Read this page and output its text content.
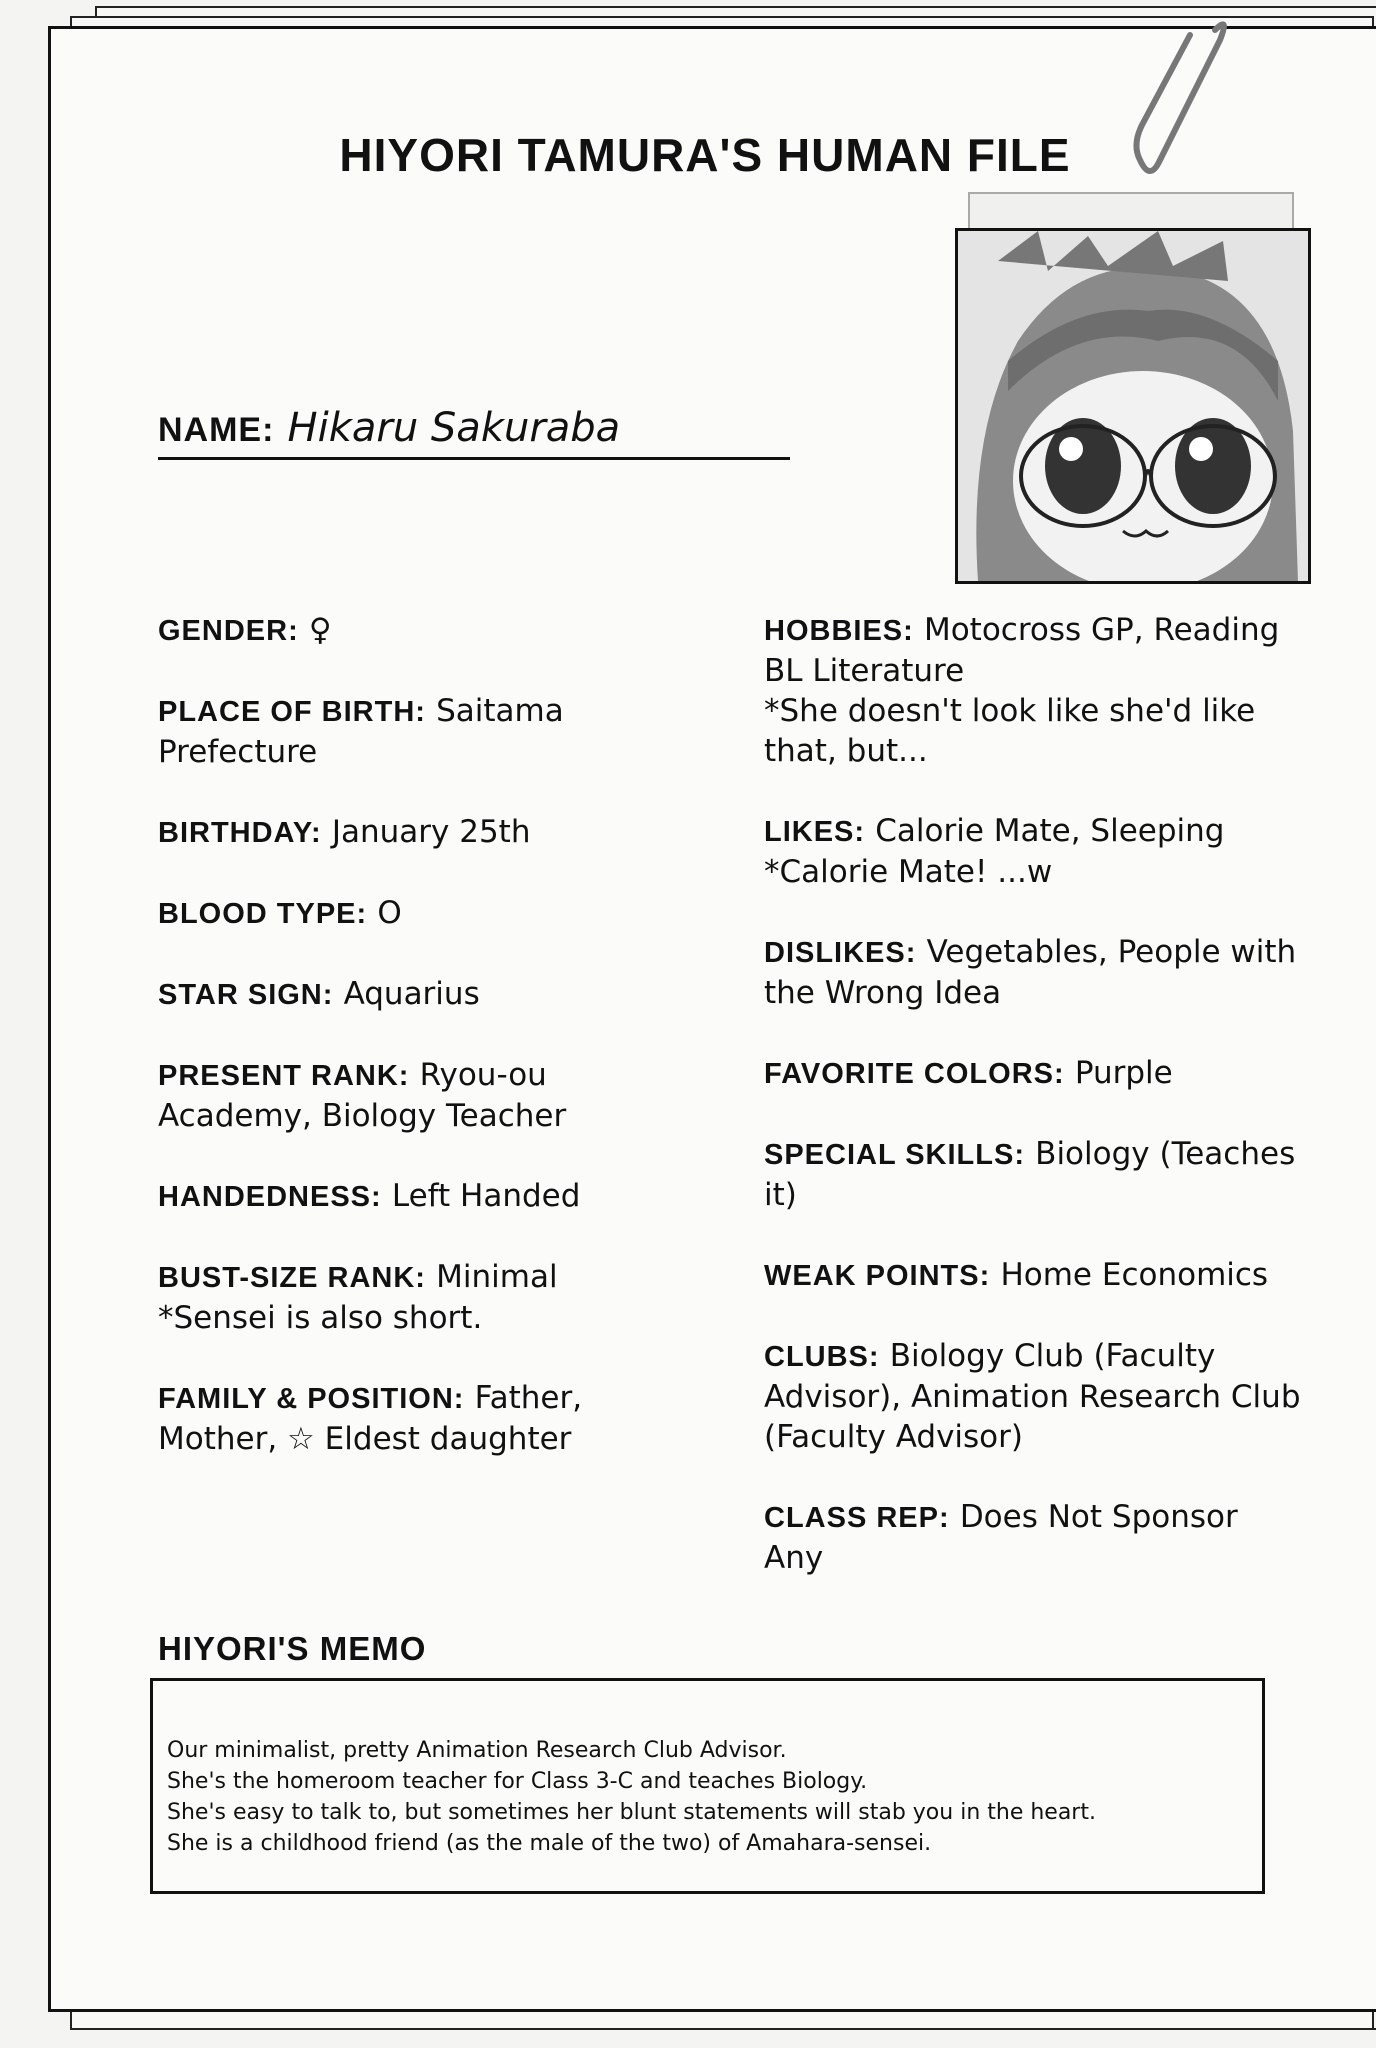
HIYORI TAMURA'S HUMAN FILE
NAME: Hikaru Sakuraba
GENDER: ♀
PLACE OF BIRTH: Saitama Prefecture
BIRTHDAY: January 25th
BLOOD TYPE: O
STAR SIGN: Aquarius
PRESENT RANK: Ryou-ou Academy, Biology Teacher
HANDEDNESS: Left Handed
BUST-SIZE RANK: Minimal
*Sensei is also short.
FAMILY & POSITION: Father, Mother, ☆ Eldest daughter
HOBBIES: Motocross GP, Reading BL Literature
*She doesn't look like she'd like that, but...
LIKES: Calorie Mate, Sleeping
*Calorie Mate! ...w
DISLIKES: Vegetables, People with the Wrong Idea
FAVORITE COLORS: Purple
SPECIAL SKILLS: Biology (Teaches it)
WEAK POINTS: Home Economics
CLUBS: Biology Club (Faculty Advisor), Animation Research Club (Faculty Advisor)
CLASS REP: Does Not Sponsor Any
HIYORI'S MEMO
Our minimalist, pretty Animation Research Club Advisor.
She's the homeroom teacher for Class 3-C and teaches Biology.
She's easy to talk to, but sometimes her blunt statements will stab you in the heart.
She is a childhood friend (as the male of the two) of Amahara-sensei.
